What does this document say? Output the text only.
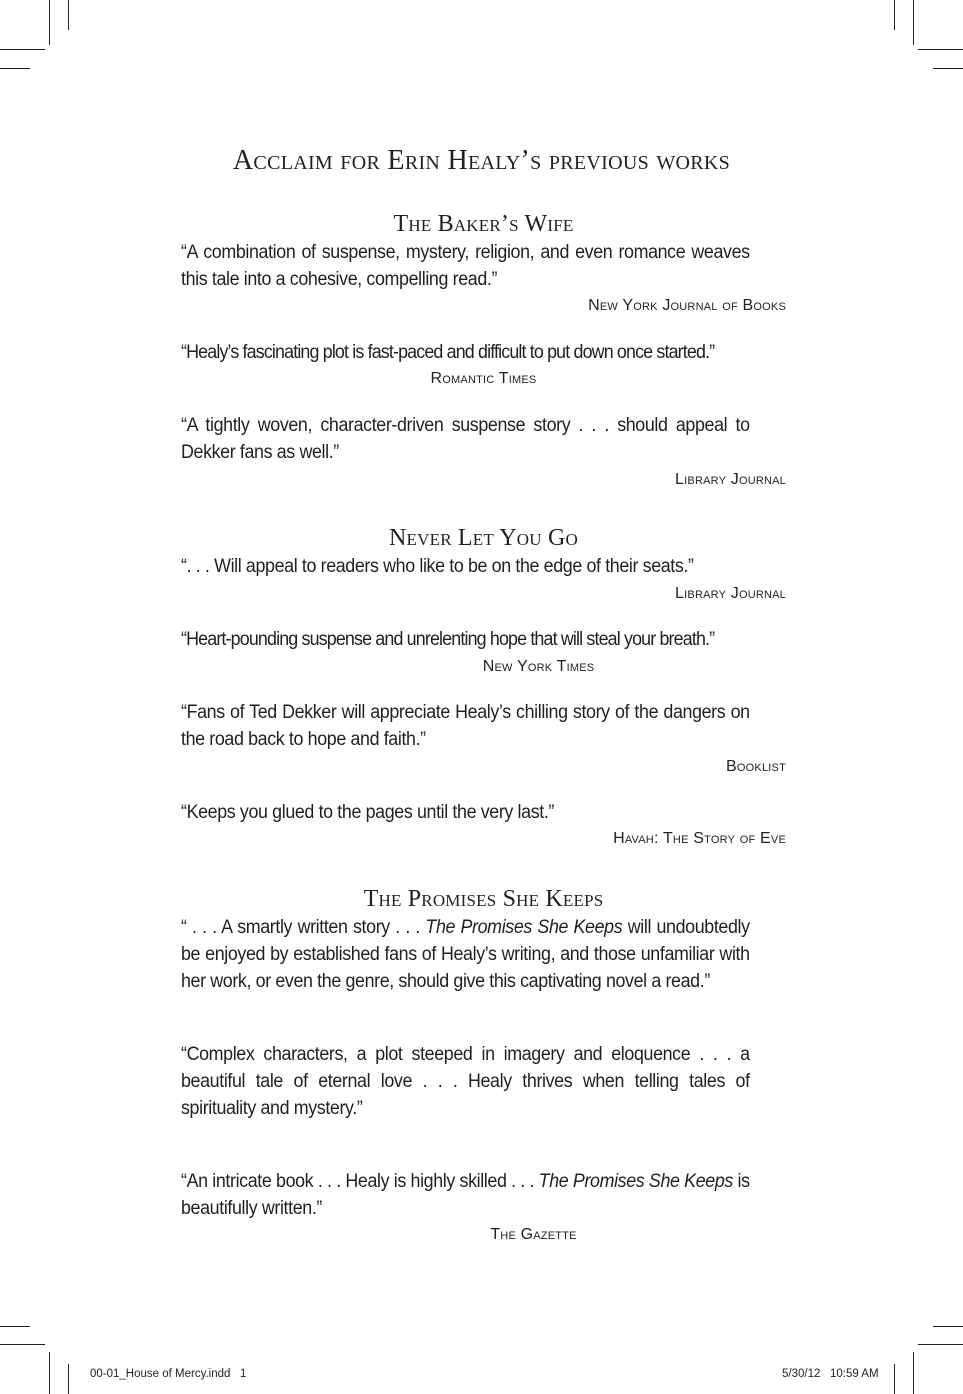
Acclaim for Erin Healy’s previous works
The Baker’s Wife

“A combination of suspense, mystery, religion, and even romance weaves this tale into a cohesive, compelling read.”

New York Journal of Books

“Healy’s fascinating plot is fast-paced and difficult to put down once started.”

Romantic Times

“A tightly woven, character-driven suspense story . . . should appeal to Dekker fans as well.”

Library Journal
Never Let You Go

“. . . Will appeal to readers who like to be on the edge of their seats.”

Library Journal

“Heart-pounding suspense and unrelenting hope that will steal your breath.”

New York Times

“Fans of Ted Dekker will appreciate Healy’s chilling story of the dangers on the road back to hope and faith.”

Booklist

“Keeps you glued to the pages until the very last.”

Havah: The Story of Eve
The Promises She Keeps

“ . . . A smartly written story . . . The Promises She Keeps will undoubtedly be enjoyed by established fans of Healy’s writing, and those unfamiliar with her work, or even the genre, should give this captivating novel a read.”

“Complex characters, a plot steeped in imagery and eloquence . . . a beautiful tale of eternal love . . . Healy thrives when telling tales of spirituality and mystery.”

“An intricate book . . . Healy is highly skilled . . . The Promises She Keeps is beautifully written.”

The Gazette
00-01_House of Mercy.indd   1	5/30/12   10:59 AM
